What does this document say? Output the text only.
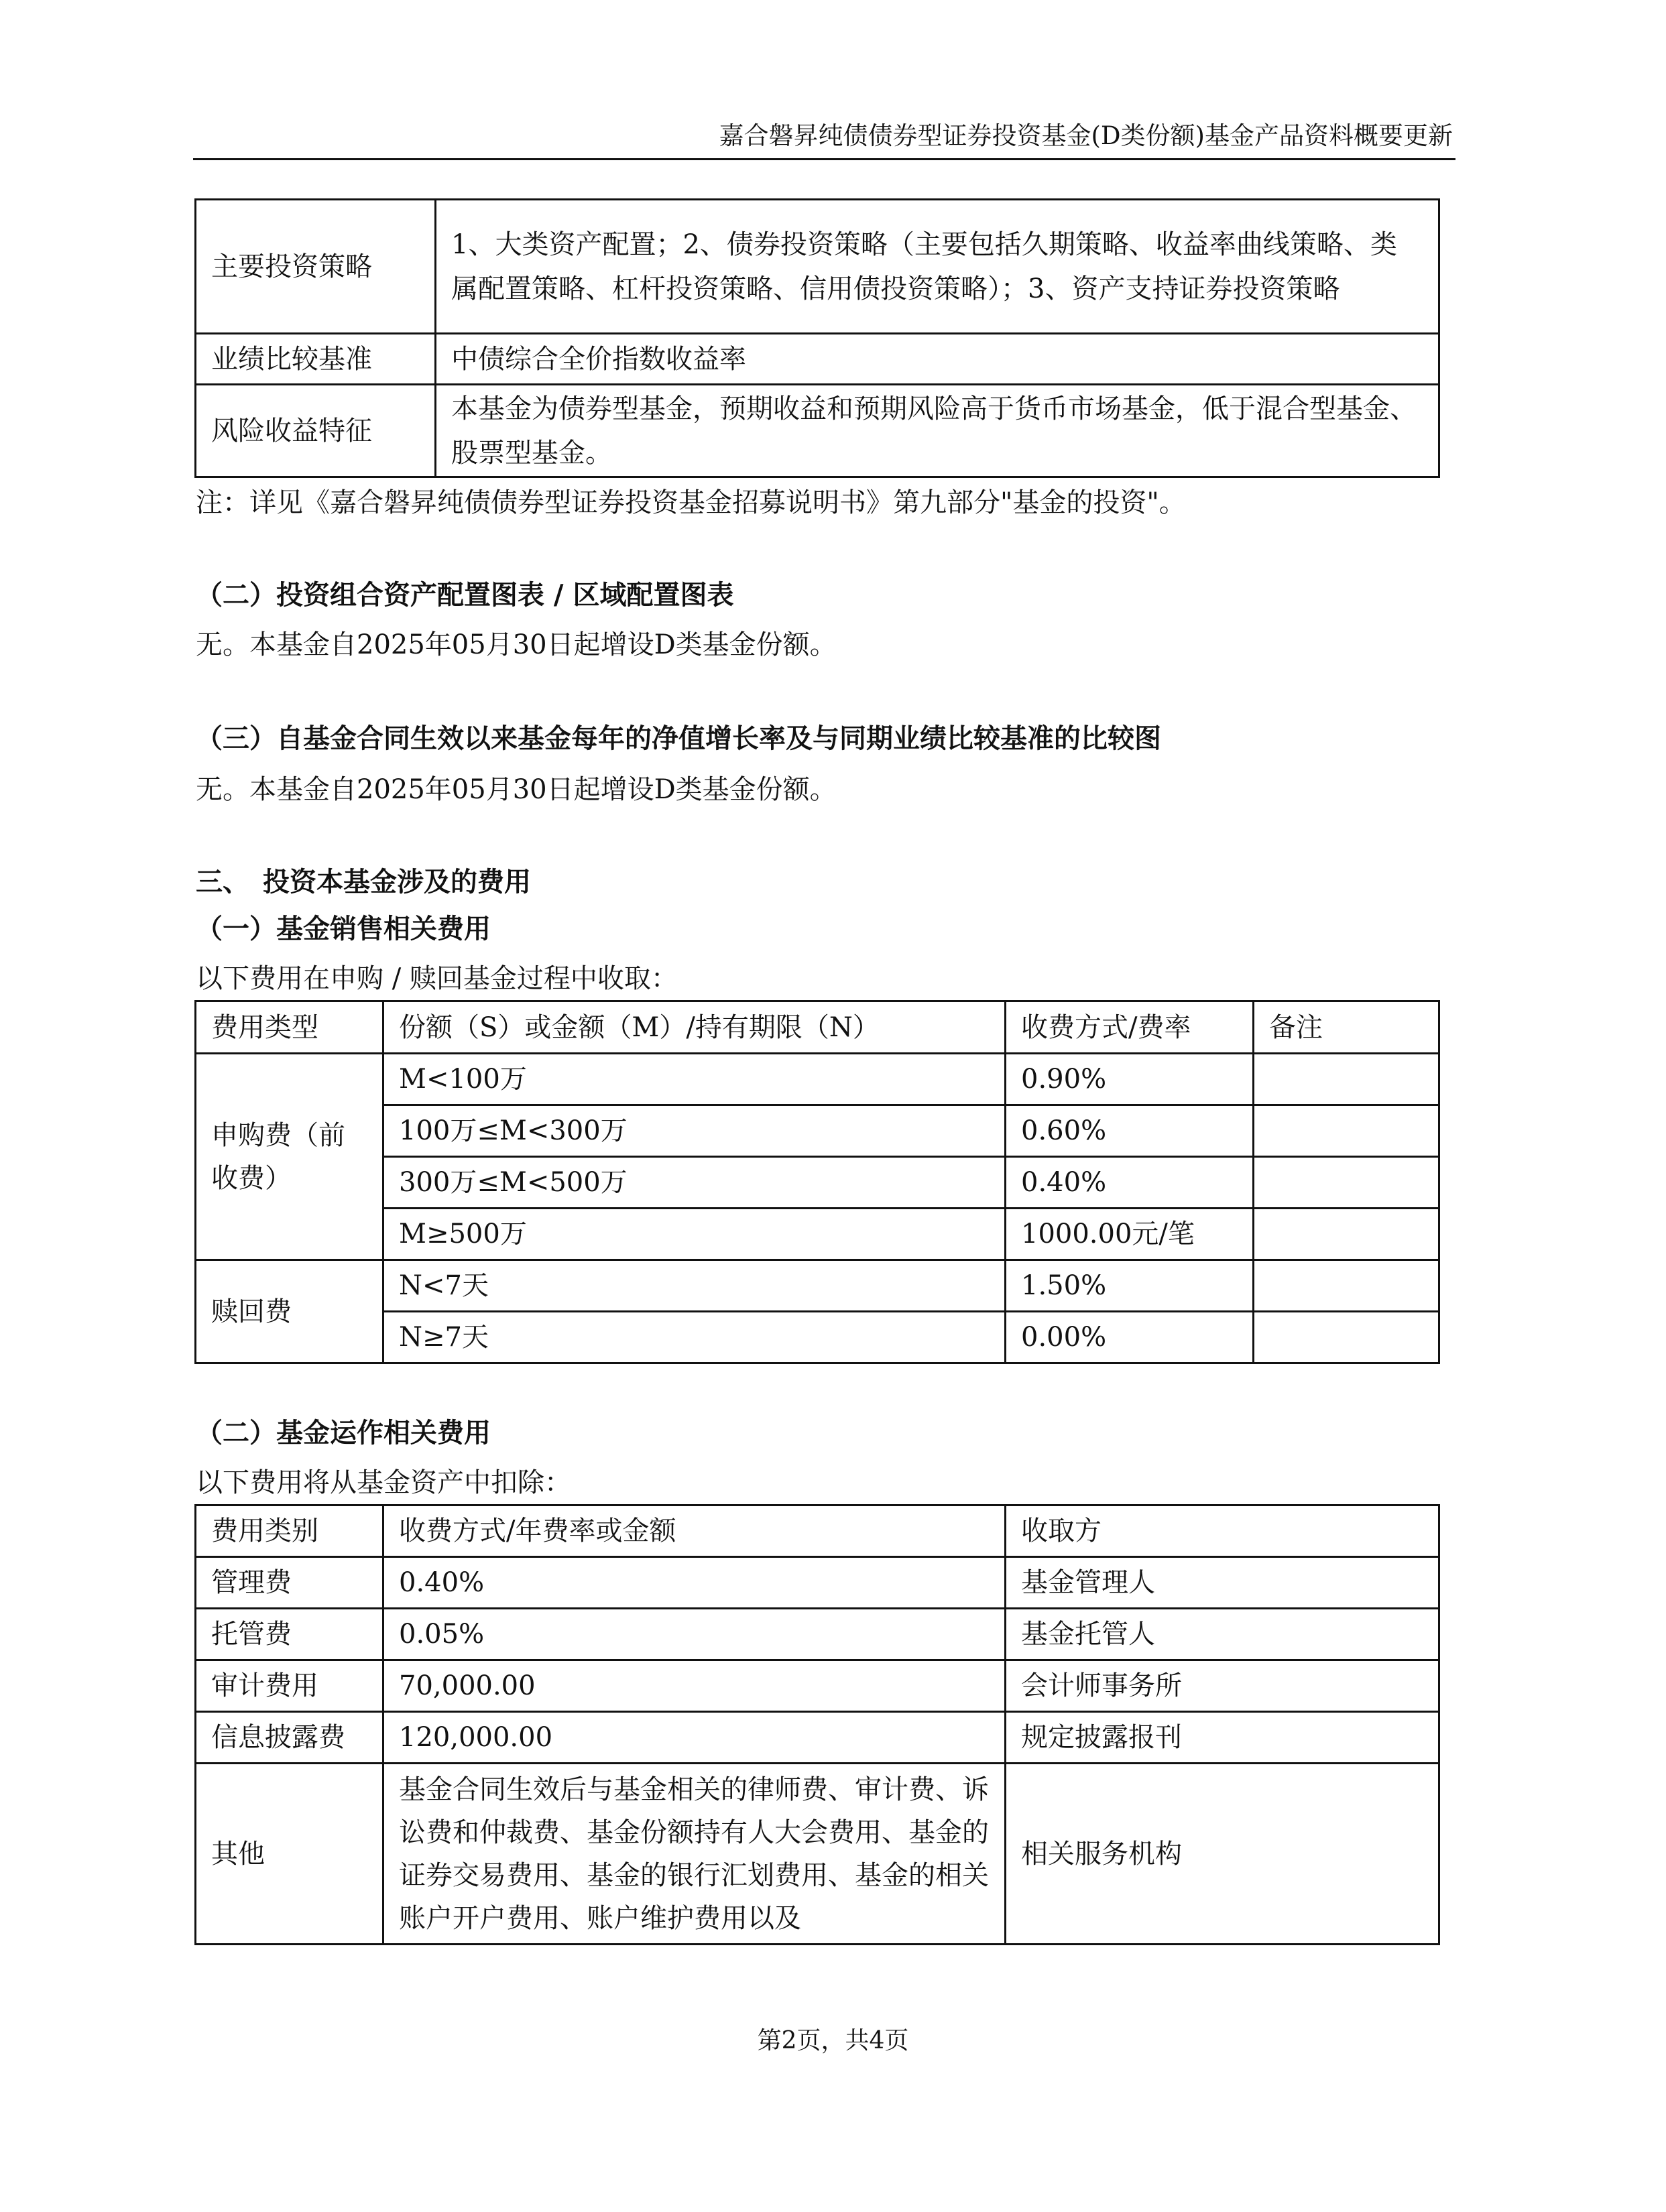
嘉合磐昇纯债债券型证券投资基金(D类份额)基金产品资料概要更新
主要投资策略	1、大类资产配置；2、债券投资策略（主要包括久期策略、收益率曲线策略、类属配置策略、杠杆投资策略、信用债投资策略）；3、资产支持证券投资策略
业绩比较基准	中债综合全价指数收益率
风险收益特征	本基金为债券型基金，预期收益和预期风险高于货币市场基金，低于混合型基金、股票型基金。
注：详见《嘉合磐昇纯债债券型证券投资基金招募说明书》第九部分"基金的投资"。
（二）投资组合资产配置图表 / 区域配置图表
无。本基金自2025年05月30日起增设D类基金份额。
（三）自基金合同生效以来基金每年的净值增长率及与同期业绩比较基准的比较图
无。本基金自2025年05月30日起增设D类基金份额。
三、　投资本基金涉及的费用
（一）基金销售相关费用
以下费用在申购 / 赎回基金过程中收取：
费用类型	份额（S）或金额（M）/持有期限（N）	收费方式/费率	备注
申购费（前收费）	M<100万	0.90%	
	100万≤M<300万	0.60%	
	300万≤M<500万	0.40%	
	M≥500万	1000.00元/笔	
赎回费	N<7天	1.50%	
	N≥7天	0.00%	
（二）基金运作相关费用
以下费用将从基金资产中扣除：
费用类别	收费方式/年费率或金额	收取方
管理费	0.40%	基金管理人
托管费	0.05%	基金托管人
审计费用	70,000.00	会计师事务所
信息披露费	120,000.00	规定披露报刊
其他	基金合同生效后与基金相关的律师费、审计费、诉讼费和仲裁费、基金份额持有人大会费用、基金的证券交易费用、基金的银行汇划费用、基金的相关账户开户费用、账户维护费用以及	相关服务机构
第2页，共4页
